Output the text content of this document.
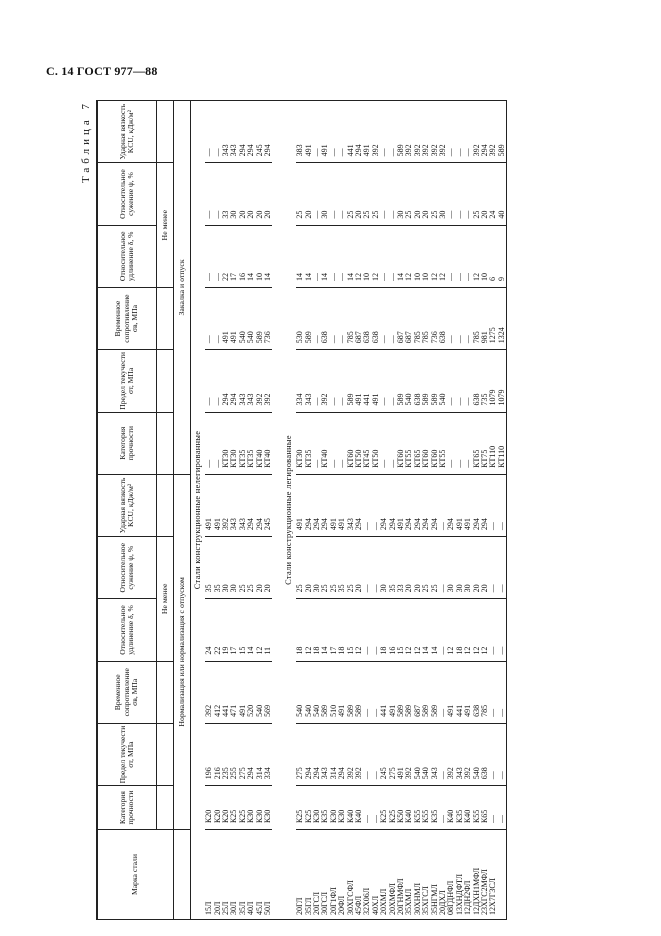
С. 14 ГОСТ 977—88
Таблица 7
Марка стали	Категория прочности	Предел текучести σт, МПа	Временное сопротивление σв, МПа	Относительное удлинение δ, %	Относительное сужение ψ, %	Ударная вязкость KCU, кДж/м²	Категория прочности	Предел текучести σт, МПа	Временное сопротивление σв, МПа	Относительное удлинение δ, %	Относительное сужение ψ, %	Ударная вязкость KCU, кДж/м²
				Не менее						Не менее		
	Нормализация или нормализация с отпуском						Закалка и отпуск					
Стали конструкционные нелегированные												
15Л	К20	196	392	24	35	491	—	—	—	—	—	—
20Л	К20	216	412	22	35	491	—	—	—	—	—	—
25Л	К20	235	441	19	30	392	КТ30	294	491	22	33	343
30Л	К25	255	471	17	30	343	КТ30	294	491	17	30	343
35Л	К25	275	491	15	25	343	КТ35	343	540	16	20	294
40Л	К30	294	520	14	25	294	КТ35	343	540	14	20	294
45Л	К30	314	540	12	20	294	КТ40	392	589	10	20	245
50Л	К30	334	569	11	20	245	КТ40	392	736	14	20	294

Стали конструкционные легированные												
20ГЛ	К25	275	540	18	25	491	КТ30	334	530	14	25	383
35ГЛ	К25	294	540	12	20	294	КТ35	343	589	14	20	491
20ГСЛ	К30	294	540	18	30	294	—	—	—	—	—	—
30ГСЛ	К35	343	589	14	25	294	КТ40	392	638	14	30	491
20Г1ФЛ	К30	314	510	17	25	491	—	—	—	—	—	—
20ФЛ	К30	294	491	18	35	491	—	—	—	—	—	—
30ХГСФЛ	К40	392	589	15	25	343	КТ60	589	785	14	25	441
45ФЛ	К40	392	589	12	20	294	КТ50	491	687	12	20	294
32Х06Л	—	—	—	—	—	—	КТ45	441	638	10	25	491
40ХЛ	—	—	—	—	—	—	КТ50	491	638	12	25	392
20ХМЛ	К25	245	441	18	30	294	—	—	—	—	—	—
20ХМФЛ	К25	275	491	16	35	294	—	—	—	—	—	—
20ГНМФЛ	К50	491	589	15	33	491	КТ60	589	687	14	30	589
35ХМЛ	К40	392	589	12	20	294	КТ55	540	687	12	25	392
30ХНМЛ	К55	540	687	12	20	294	КТ65	638	785	10	20	392
35ХГСЛ	К55	540	589	14	25	294	КТ60	589	785	10	20	392
35НГМЛ	К35	343	589	14	25	294	КТ60	589	736	12	25	392
20ДХЛ	—	—	—	—	—	—	КТ55	540	638	12	30	392
08ГДНФЛ	К40	392	491	12	30	294	—	—	—	—	—	—
13ХНДФТЛ	К35	343	441	18	30	491	—	—	—	—	—	—
12ДН2ФЛ	К40	392	491	12	30	491	—	—	—	—	—	—
12ДХН1МФЛ	К55	540	638	12	20	294	КТ65	638	785	12	25	392
23ХГС2МФЛ	К65	638	785	12	20	294	КТ75	735	981	10	20	294
12Х7Г3СЛ	—	—	—	—	—	—	КТ110	1079	1275	6	24	392
	—	—	—	—	—	—	КТ110	1079	1324	9	40	589
